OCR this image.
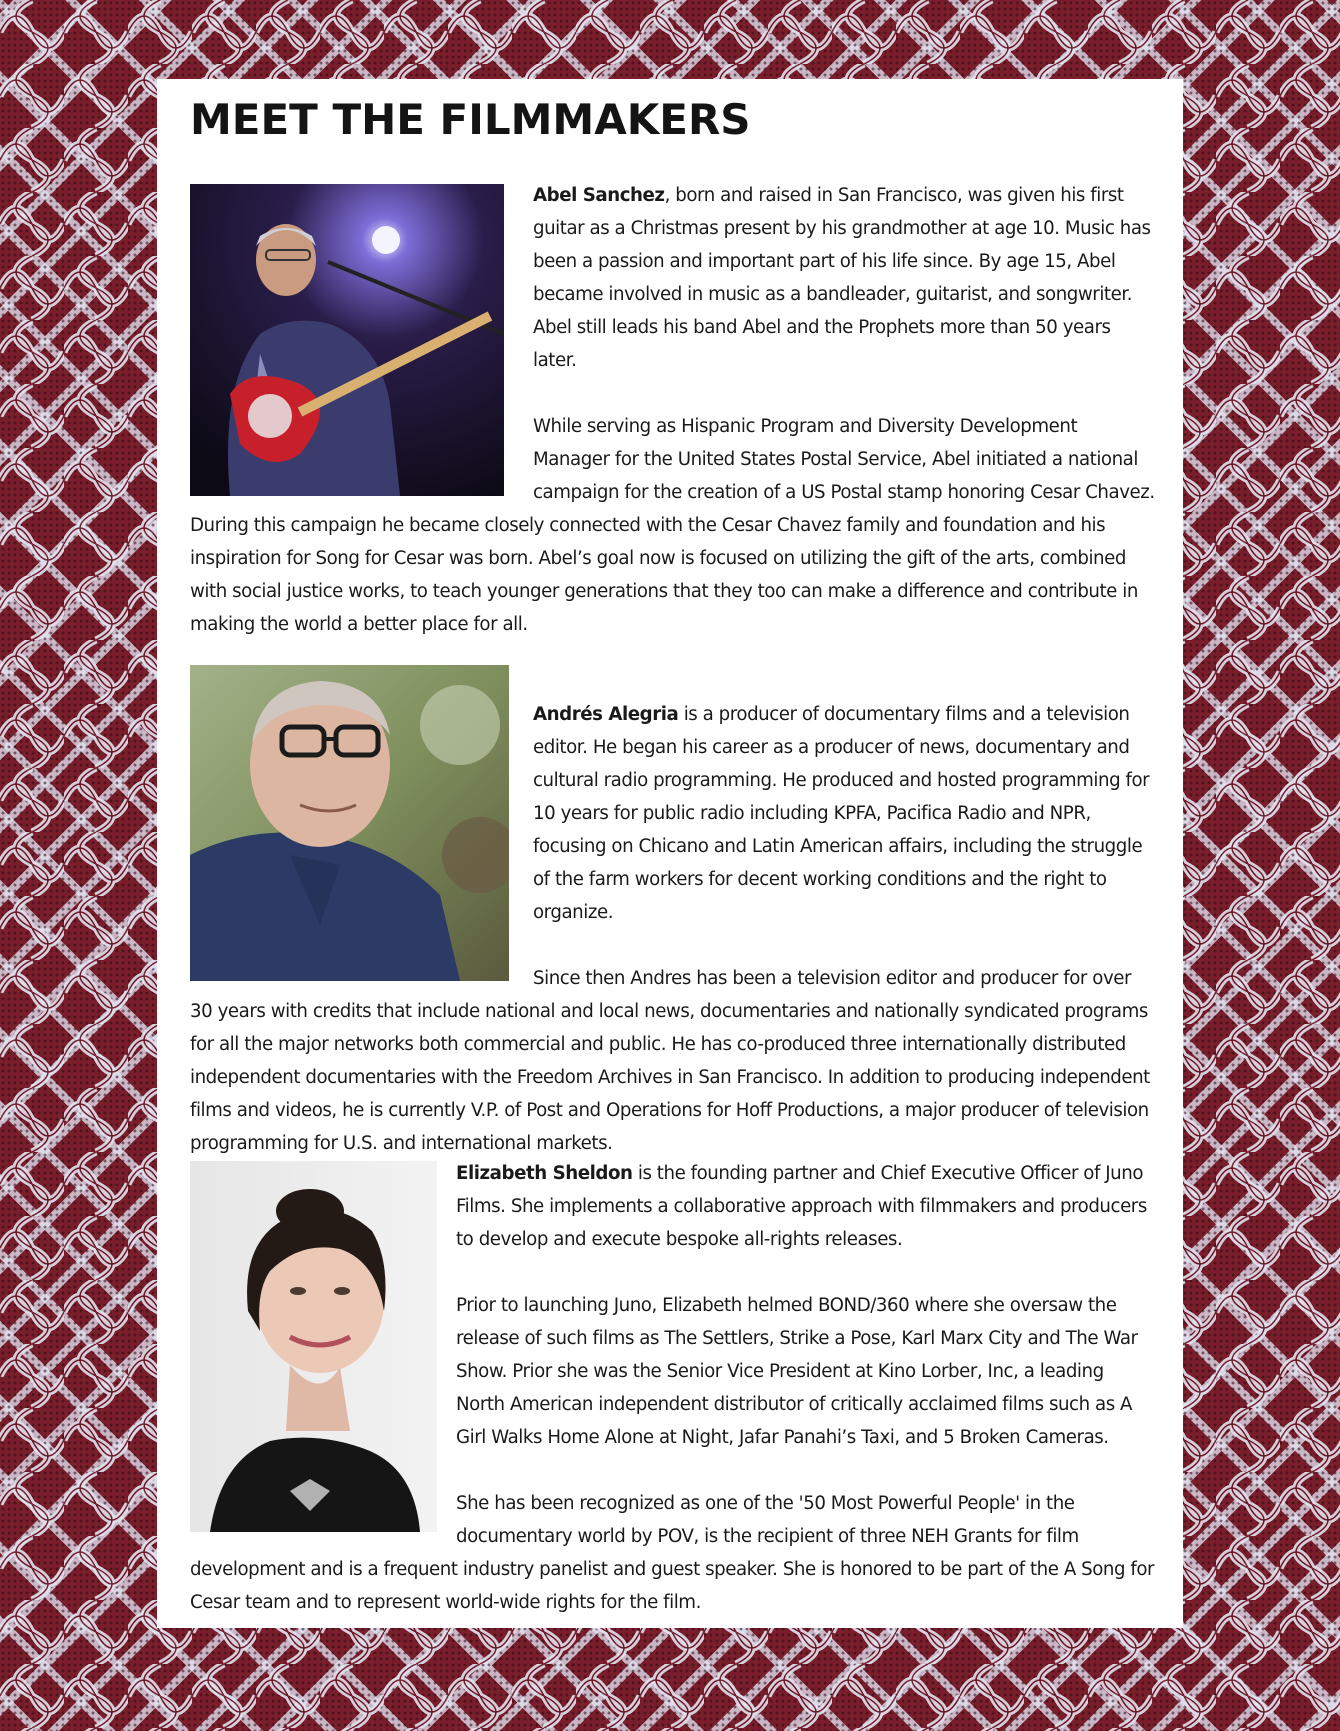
MEET THE FILMMAKERS

Abel Sanchez, born and raised in San Francisco, was given his first guitar as a Christmas present by his grandmother at age 10. Music has been a passion and important part of his life since. By age 15, Abel became involved in music as a bandleader, guitarist, and songwriter. Abel still leads his band Abel and the Prophets more than 50 years later.

While serving as Hispanic Program and Diversity Development Manager for the United States Postal Service, Abel initiated a national campaign for the creation of a US Postal stamp honoring Cesar Chavez. During this campaign he became closely connected with the Cesar Chavez family and foundation and his inspiration for Song for Cesar was born. Abel’s goal now is focused on utilizing the gift of the arts, combined with social justice works, to teach younger generations that they too can make a difference and contribute in making the world a better place for all.

Andrés Alegria is a producer of documentary films and a television editor. He began his career as a producer of news, documentary and cultural radio programming. He produced and hosted programming for 10 years for public radio including KPFA, Pacifica Radio and NPR, focusing on Chicano and Latin American affairs, including the struggle of the farm workers for decent working conditions and the right to organize.

Since then Andres has been a television editor and producer for over 30 years with credits that include national and local news, documentaries and nationally syndicated programs for all the major networks both commercial and public. He has co-produced three internationally distributed independent documentaries with the Freedom Archives in San Francisco. In addition to producing independent films and videos, he is currently V.P. of Post and Operations for Hoff Productions, a major producer of television programming for U.S. and international markets.

Elizabeth Sheldon is the founding partner and Chief Executive Officer of Juno Films. She implements a collaborative approach with filmmakers and producers to develop and execute bespoke all-rights releases.

Prior to launching Juno, Elizabeth helmed BOND/360 where she oversaw the release of such films as The Settlers, Strike a Pose, Karl Marx City and The War Show. Prior she was the Senior Vice President at Kino Lorber, Inc, a leading North American independent distributor of critically acclaimed films such as A Girl Walks Home Alone at Night, Jafar Panahi’s Taxi, and 5 Broken Cameras.

She has been recognized as one of the '50 Most Powerful People' in the documentary world by POV, is the recipient of three NEH Grants for film development and is a frequent industry panelist and guest speaker. She is honored to be part of the A Song for Cesar team and to represent world-wide rights for the film.
